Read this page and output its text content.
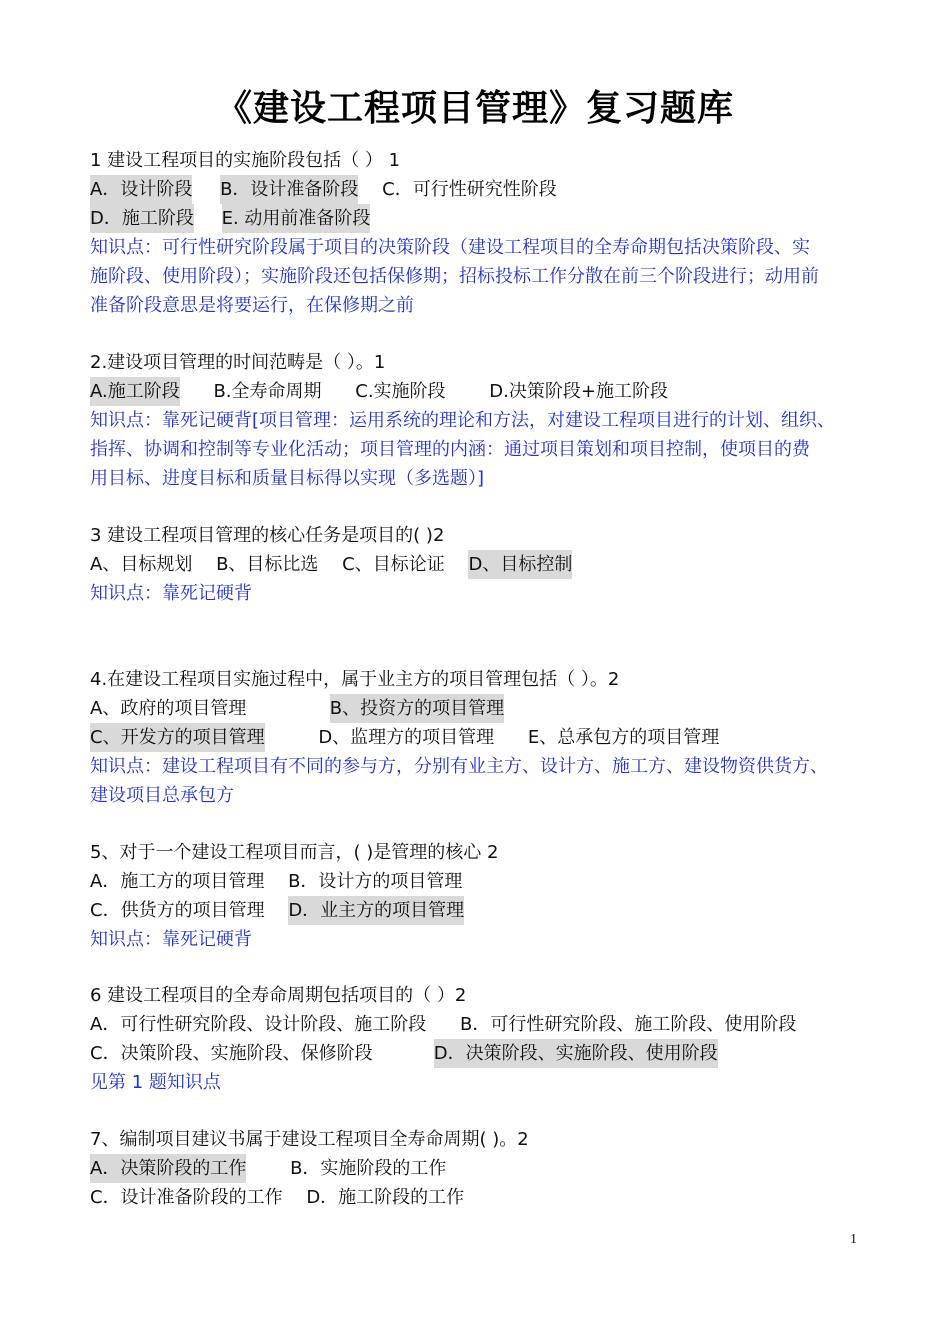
《建设工程项目管理》复习题库
1 建设工程项目的实施阶段包括（ ） 1
A．设计阶段 B．设计准备阶段 C．可行性研究性阶段
D．施工阶段 E. 动用前准备阶段
知识点：可行性研究阶段属于项目的决策阶段（建设工程项目的全寿命期包括决策阶段、实
施阶段、使用阶段）；实施阶段还包括保修期；招标投标工作分散在前三个阶段进行；动用前
准备阶段意思是将要运行，在保修期之前
2.建设项目管理的时间范畴是（ ）。1
A.施工阶段 B.全寿命周期 C.实施阶段 D.决策阶段+施工阶段
知识点：靠死记硬背[项目管理：运用系统的理论和方法，对建设工程项目进行的计划、组织、
指挥、协调和控制等专业化活动；项目管理的内涵：通过项目策划和项目控制，使项目的费
用目标、进度目标和质量目标得以实现（多选题）]
3 建设工程项目管理的核心任务是项目的( )2
A、目标规划 B、目标比选 C、目标论证 D、目标控制
知识点：靠死记硬背
4.在建设工程项目实施过程中，属于业主方的项目管理包括（ ）。2
A、政府的项目管理	B、投资方的项目管理
C、开发方的项目管理	D、监理方的项目管理 E、总承包方的项目管理
知识点：建设工程项目有不同的参与方，分别有业主方、设计方、施工方、建设物资供货方、
建设项目总承包方
5、对于一个建设工程项目而言，( )是管理的核心 2
A．施工方的项目管理 B．设计方的项目管理
C．供货方的项目管理 D．业主方的项目管理
知识点：靠死记硬背
6 建设工程项目的全寿命周期包括项目的（ ）2
A．可行性研究阶段、设计阶段、施工阶段 B．可行性研究阶段、施工阶段、使用阶段
C．决策阶段、实施阶段、保修阶段	D．决策阶段、实施阶段、使用阶段
见第 1 题知识点
7、编制项目建议书属于建设工程项目全寿命周期( )。2
A．决策阶段的工作 B．实施阶段的工作
C．设计准备阶段的工作 D．施工阶段的工作
1
